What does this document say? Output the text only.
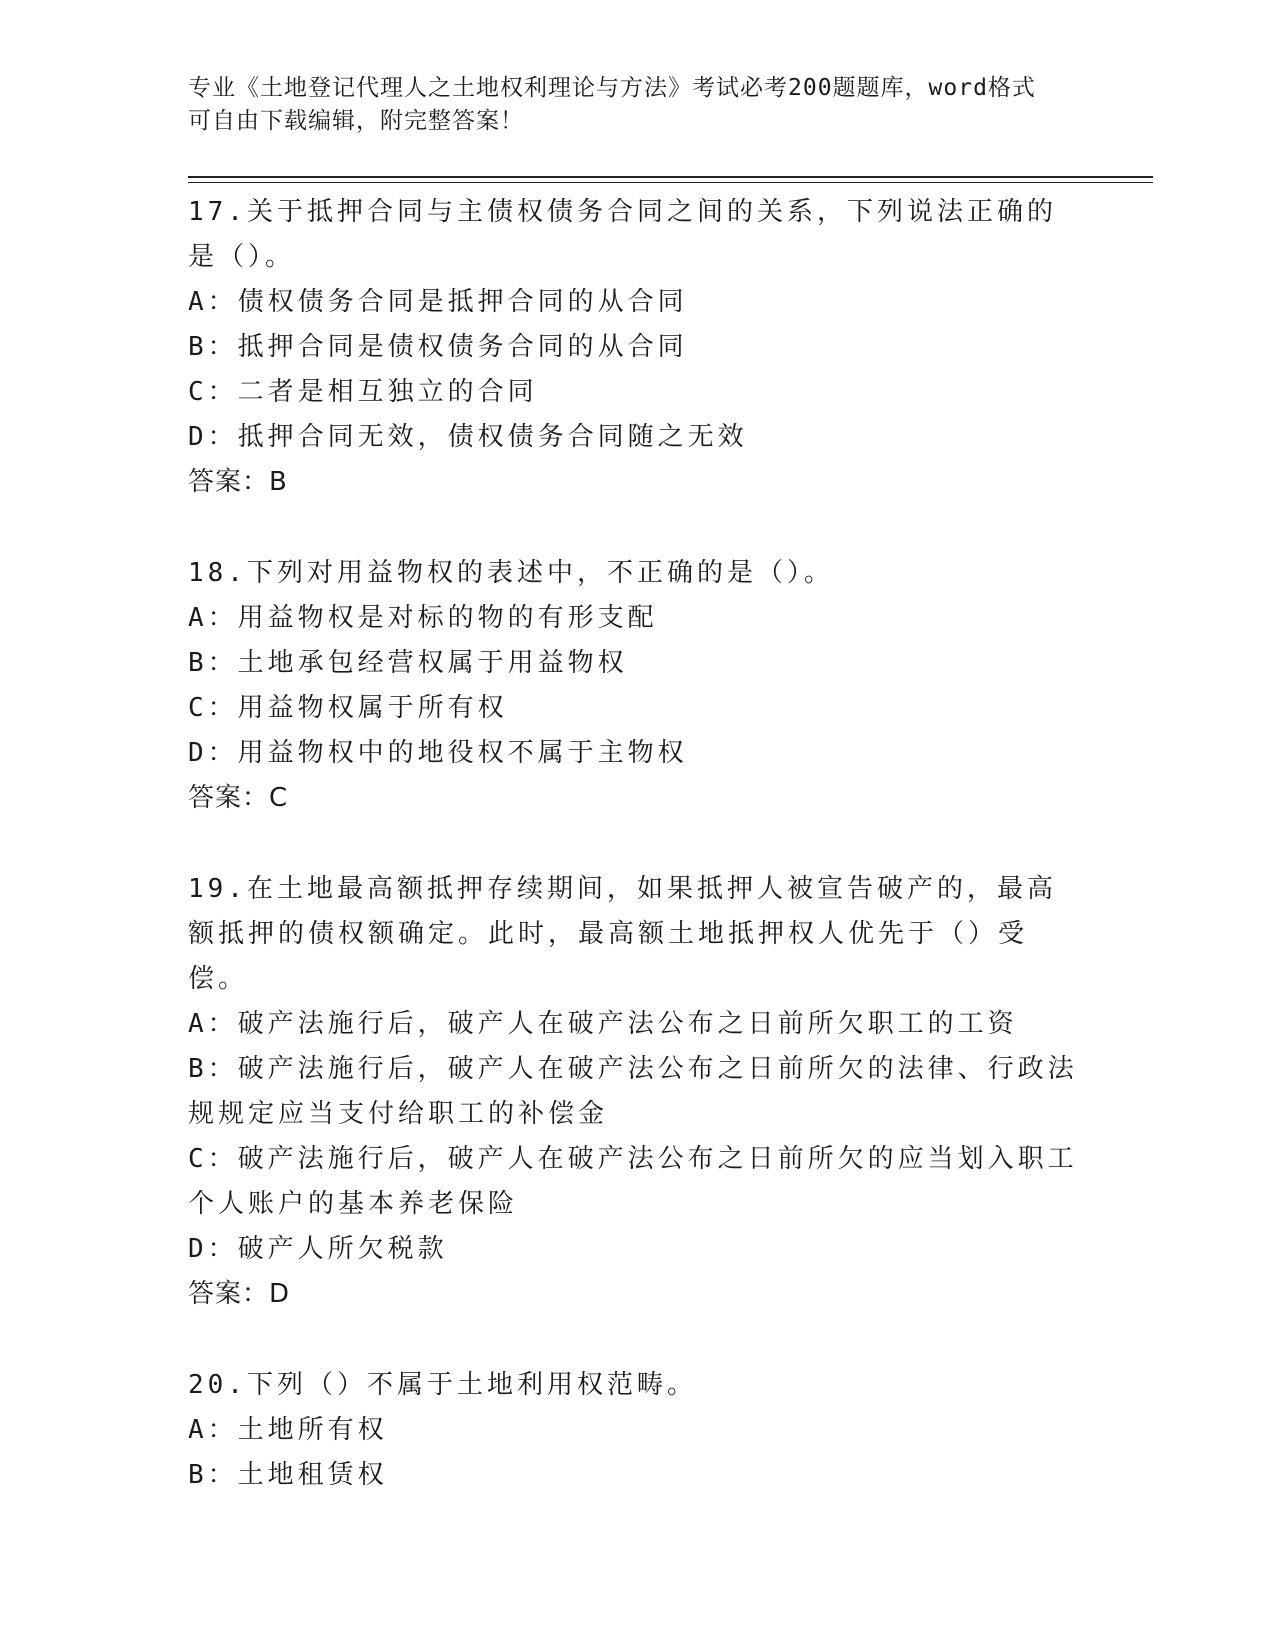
专业《土地登记代理人之土地权利理论与方法》考试必考200题题库，word格式
可自由下载编辑，附完整答案！
17.关于抵押合同与主债权债务合同之间的关系，下列说法正确的是（）。
A：债权债务合同是抵押合同的从合同
B：抵押合同是债权债务合同的从合同
C：二者是相互独立的合同
D：抵押合同无效，债权债务合同随之无效
答案：B
18.下列对用益物权的表述中，不正确的是（）。
A：用益物权是对标的物的有形支配
B：土地承包经营权属于用益物权
C：用益物权属于所有权
D：用益物权中的地役权不属于主物权
答案：C
19.在土地最高额抵押存续期间，如果抵押人被宣告破产的，最高额抵押的债权额确定。此时，最高额土地抵押权人优先于（）受偿。
A：破产法施行后，破产人在破产法公布之日前所欠职工的工资
B：破产法施行后，破产人在破产法公布之日前所欠的法律、行政法规规定应当支付给职工的补偿金
C：破产法施行后，破产人在破产法公布之日前所欠的应当划入职工个人账户的基本养老保险
D：破产人所欠税款
答案：D
20.下列（）不属于土地利用权范畴。
A：土地所有权
B：土地租赁权
